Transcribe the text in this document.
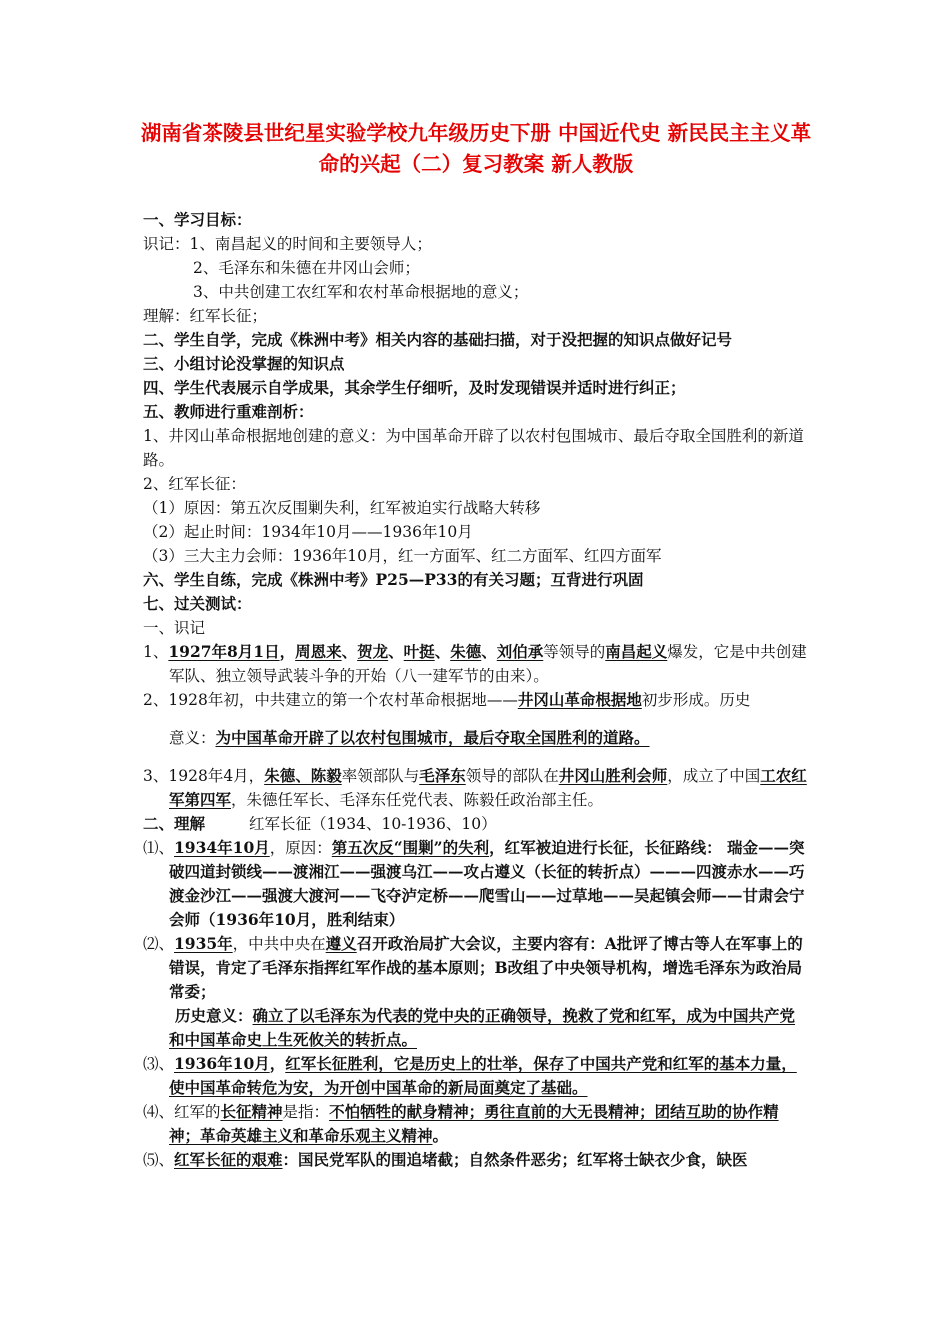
湖南省茶陵县世纪星实验学校九年级历史下册 中国近代史 新民民主主义革命的兴起（二）复习教案 新人教版
一、学习目标：
识记：1、南昌起义的时间和主要领导人；
2、毛泽东和朱德在井冈山会师；
3、中共创建工农红军和农村革命根据地的意义；
理解：红军长征；
二、学生自学，完成《株洲中考》相关内容的基础扫描，对于没把握的知识点做好记号
三、小组讨论没掌握的知识点
四、学生代表展示自学成果，其余学生仔细听，及时发现错误并适时进行纠正；
五、教师进行重难剖析：
1、井冈山革命根据地创建的意义：为中国革命开辟了以农村包围城市、最后夺取全国胜利的新道路。
2、红军长征：
（1）原因：第五次反围剿失利，红军被迫实行战略大转移
（2）起止时间：1934年10月——1936年10月
（3）三大主力会师：1936年10月，红一方面军、红二方面军、红四方面军
六、学生自练，完成《株洲中考》P25—P33的有关习题；互背进行巩固
七、过关测试：
一、识记
1、1927年8月1日，周恩来、贺龙、叶挺、朱德、刘伯承等领导的南昌起义爆发，它是中共创建军队、独立领导武装斗争的开始（八一建军节的由来）。
2、1928年初，中共建立的第一个农村革命根据地——井冈山革命根据地初步形成。历史
意义：为中国革命开辟了以农村包围城市，最后夺取全国胜利的道路。
3、1928年4月，朱德、陈毅率领部队与毛泽东领导的部队在井冈山胜利会师，成立了中国工农红军第四军，朱德任军长、毛泽东任党代表、陈毅任政治部主任。
二、理解	红军长征（1934、10-1936、10）
⑴、1934年10月，原因：第五次反“围剿”的失利，红军被迫进行长征，长征路线： 瑞金——突破四道封锁线——渡湘江——强渡乌江——攻占遵义（长征的转折点）———四渡赤水——巧渡金沙江——强渡大渡河——飞夺泸定桥——爬雪山——过草地——吴起镇会师——甘肃会宁会师（1936年10月，胜利结束）
⑵、1935年，中共中央在遵义召开政治局扩大会议，主要内容有：A批评了博古等人在军事上的错误，肯定了毛泽东指挥红军作战的基本原则；B改组了中央领导机构，增选毛泽东为政治局常委；
历史意义：确立了以毛泽东为代表的党中央的正确领导，挽救了党和红军，成为中国共产党和中国革命史上生死攸关的转折点。
⑶、1936年10月，红军长征胜利，它是历史上的壮举，保存了中国共产党和红军的基本力量，使中国革命转危为安，为开创中国革命的新局面奠定了基础。
⑷、红军的长征精神是指：不怕牺牲的献身精神；勇往直前的大无畏精神；团结互助的协作精神；革命英雄主义和革命乐观主义精神。
⑸、红军长征的艰难：国民党军队的围追堵截；自然条件恶劣；红军将士缺衣少食，缺医
